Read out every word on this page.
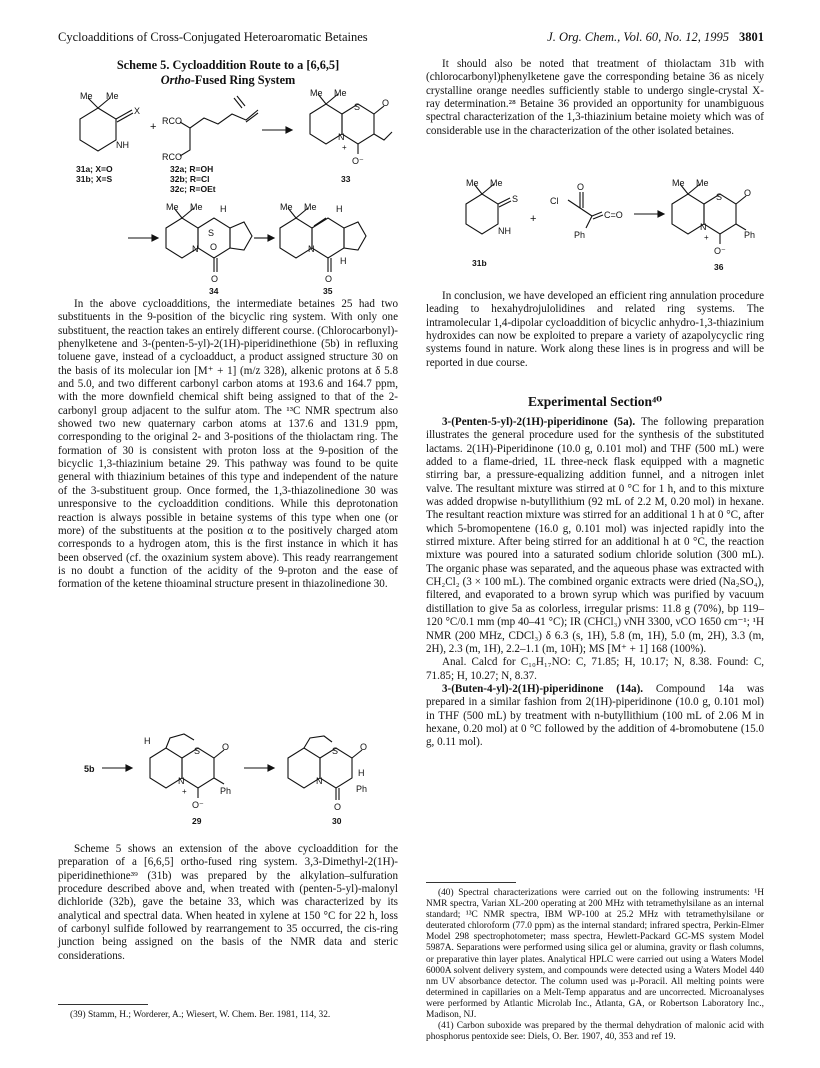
Cycloadditions of Cross-Conjugated Heteroaromatic Betaines	J. Org. Chem., Vol. 60, No. 12, 1995 3801
Scheme 5. Cycloaddition Route to a [6,6,5]
Ortho-Fused Ring System
Me Me
X
NH
31a; X=O
31b; X=S
+ RCO
RCO
32a; R=OH
32b; R=Cl
32c; R=OEt
Me Me
S O
N
+
O⁻
33
Me Me H
S
N O
O
34
Me Me H
N
H
O
35

In the above cycloadditions, the intermediate betaines 25 had two substituents in the 9-position of the bicyclic ring system. With only one substituent, the reaction takes an entirely different course. (Chlorocarbonyl)-phenylketene and 3-(penten-5-yl)-2(1H)-piperidinethione (5b) in refluxing toluene gave, instead of a cycloadduct, a product assigned structure 30 on the basis of its molecular ion [M⁺ + 1] (m/z 328), alkenic protons at δ 5.8 and 5.0, and two different carbonyl carbon atoms at 193.6 and 164.7 ppm, with the more downfield chemical shift being assigned to that of the 2-carbonyl group adjacent to the sulfur atom. The ¹³C NMR spectrum also showed two new quaternary carbon atoms at 137.6 and 131.9 ppm, corresponding to the original 2- and 3-positions of the thiolactam ring. The formation of 30 is consistent with proton loss at the 9-position of the bicyclic 1,3-thiazinium betaine 29. This pathway was found to be quite general with thiazinium betaines of this type and independent of the nature of the 3-substituent group. Once formed, the 1,3-thiazolinedione 30 was unresponsive to the cycloaddition conditions. While this deprotonation reaction is always possible in betaine systems of this type when one (or more) of the substituents at the position α to the positively charged atom corresponds to a hydrogen atom, this is the first instance in which it has been observed (cf. the oxazinium system above). This ready rearrangement is no doubt a function of the acidity of the 9-proton and the ease of formation of the ketene thioaminal structure present in thiazolinedione 30.

5b
H
S O
N
+	Ph
O⁻
29
S O
N
H
Ph
O
30

Scheme 5 shows an extension of the above cycloaddition for the preparation of a [6,6,5] ortho-fused ring system. 3,3-Dimethyl-2(1H)-piperidinethione³⁹ (31b) was prepared by the alkylation–sulfuration procedure described above and, when treated with (penten-5-yl)-malonyl dichloride (32b), gave the betaine 33, which was characterized by its analytical and spectral data. When heated in xylene at 150 °C for 22 h, loss of carbonyl sulfide followed by rearrangement to 35 occurred, the cis-ring junction being assigned on the basis of the NMR data and steric considerations.

(39) Stamm, H.; Worderer, A.; Wiesert, W. Chem. Ber. 1981, 114, 32.

It should also be noted that treatment of thiolactam 31b with (chlorocarbonyl)phenylketene gave the corresponding betaine 36 as nicely crystalline orange needles sufficiently stable to undergo single-crystal X-ray determination.²⁸ Betaine 36 provided an opportunity for unambiguous spectral characterization of the 1,3-thiazinium betaine moiety which was of considerable use in the characterization of the other isolated betaines.

Me Me
S
NH
31b
+
Cl
O
C=O
Ph
Me Me
S O
N
+	Ph
O⁻
36

In conclusion, we have developed an efficient ring annulation procedure leading to hexahydrojulolidines and related ring systems. The intramolecular 1,4-dipolar cycloaddition of bicyclic anhydro-1,3-thiazinium hydroxides can now be exploited to prepare a variety of azapolycyclic ring systems found in nature. Work along these lines is in progress and will be reported in due course.

Experimental Section⁴⁰

3-(Penten-5-yl)-2(1H)-piperidinone (5a). The following preparation illustrates the general procedure used for the synthesis of the substituted lactams. 2(1H)-Piperidinone (10.0 g, 0.101 mol) and THF (500 mL) were added to a flame-dried, 1L three-neck flask equipped with a magnetic stirring bar, a pressure-equalizing addition funnel, and a nitrogen inlet valve. The resultant mixture was stirred at 0 °C for 1 h, and to this mixture was added dropwise n-butyllithium (92 mL of 2.2 M, 0.20 mol) in hexane. The resultant reaction mixture was stirred for an additional 1 h at 0 °C, after which 5-bromopentene (16.0 g, 0.101 mol) was injected rapidly into the stirred mixture. After being stirred for an additional h at 0 °C, the reaction mixture was poured into a saturated sodium chloride solution (300 mL). The organic phase was separated, and the aqueous phase was extracted with CH₂Cl₂ (3 × 100 mL). The combined organic extracts were dried (Na₂SO₄), filtered, and evaporated to a brown syrup which was purified by vacuum distillation to give 5a as colorless, irregular prisms: 11.8 g (70%), bp 119–120 °C/0.1 mm (mp 40–41 °C); IR (CHCl₃) νNH 3300, νCO 1650 cm⁻¹; ¹H NMR (200 MHz, CDCl₃) δ 6.3 (s, 1H), 5.8 (m, 1H), 5.0 (m, 2H), 3.3 (m, 2H), 2.3 (m, 1H), 2.2–1.1 (m, 10H); MS [M⁺ + 1] 168 (100%).

Anal. Calcd for C₁₀H₁₇NO: C, 71.85; H, 10.17; N, 8.38. Found: C, 71.85; H, 10.27; N, 8.37.

3-(Buten-4-yl)-2(1H)-piperidinone (14a). Compound 14a was prepared in a similar fashion from 2(1H)-piperidinone (10.0 g, 0.101 mol) in THF (500 mL) by treatment with n-butyllithium (100 mL of 2.06 M in hexane, 0.20 mol) at 0 °C followed by the addition of 4-bromobutene (15.0 g, 0.11 mol).

(40) Spectral characterizations were carried out on the following instruments: ¹H NMR spectra, Varian XL-200 operating at 200 MHz with tetramethylsilane as an internal standard; ¹³C NMR spectra, IBM WP-100 at 25.2 MHz with tetramethylsilane or deuterated chloroform (77.0 ppm) as the internal standard; infrared spectra, Perkin-Elmer Model 298 spectrophotometer; mass spectra, Hewlett-Packard GC-MS system Model 5987A. Separations were performed using silica gel or alumina, gravity or flash columns, or preparative thin layer plates. Analytical HPLC were carried out using a Waters Model 6000A solvent delivery system, and compounds were detected using a Waters Model 440 nm UV absorbance detector. The column used was μ-Poracil. All melting points were determined in capillaries on a Melt-Temp apparatus and are uncorrected. Microanalyses were performed by Atlantic Microlab Inc., Atlanta, GA, or Robertson Laboratory Inc., Madison, NJ.

(41) Carbon suboxide was prepared by the thermal dehydration of malonic acid with phosphorus pentoxide see: Diels, O. Ber. 1907, 40, 353 and ref 19.
